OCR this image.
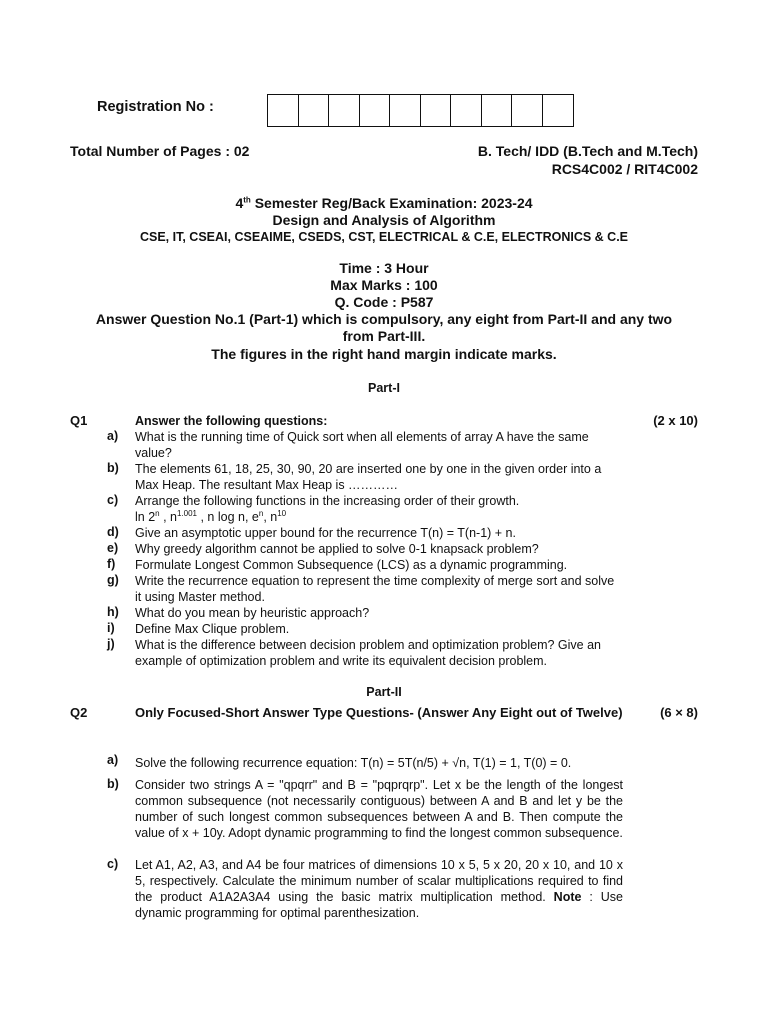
Registration No :
Total Number of Pages : 02	B. Tech/ IDD (B.Tech and M.Tech)
RCS4C002 / RIT4C002
4th Semester Reg/Back Examination: 2023-24
Design and Analysis of Algorithm
CSE, IT, CSEAI, CSEAIME, CSEDS, CST, ELECTRICAL & C.E, ELECTRONICS & C.E
Time : 3 Hour
Max Marks : 100
Q. Code : P587
Answer Question No.1 (Part-1) which is compulsory, any eight from Part-II and any two
from Part-III.
The figures in the right hand margin indicate marks.
Part-I
Q1	Answer the following questions:	(2 x 10)
a)	What is the running time of Quick sort when all elements of array A have the same value?
b)	The elements 61, 18, 25, 30, 90, 20 are inserted one by one in the given order into a Max Heap. The resultant Max Heap is …………
c)	Arrange the following functions in the increasing order of their growth.
ln 2$^n$ , $n^{1.001}$ , n log n, $e^n$, $n^{10}$
d)	Give an asymptotic upper bound for the recurrence T(n) = T(n-1) + n.
e)	Why greedy algorithm cannot be applied to solve 0-1 knapsack problem?
f)	Formulate Longest Common Subsequence (LCS) as a dynamic programming.
g)	Write the recurrence equation to represent the time complexity of merge sort and solve it using Master method.
h)	What do you mean by heuristic approach?
i)	Define Max Clique problem.
j)	What is the difference between decision problem and optimization problem? Give an example of optimization problem and write its equivalent decision problem.
Part-II
Q2	Only Focused-Short Answer Type Questions- (Answer Any Eight out of Twelve)	(6 × 8)
a)	Solve the following recurrence equation: T(n) = 5T(n/5) + √n, T(1) = 1, T(0) = 0.
b)	Consider two strings A = "qpqrr" and B = "pqprqrp". Let x be the length of the longest common subsequence (not necessarily contiguous) between A and B and let y be the number of such longest common subsequences between A and B. Then compute the value of x + 10y. Adopt dynamic programming to find the longest common subsequence.
c)	Let A1, A2, A3, and A4 be four matrices of dimensions 10 x 5, 5 x 20, 20 x 10, and 10 x 5, respectively. Calculate the minimum number of scalar multiplications required to find the product A1A2A3A4 using the basic matrix multiplication method. Note : Use dynamic programming for optimal parenthesization.
